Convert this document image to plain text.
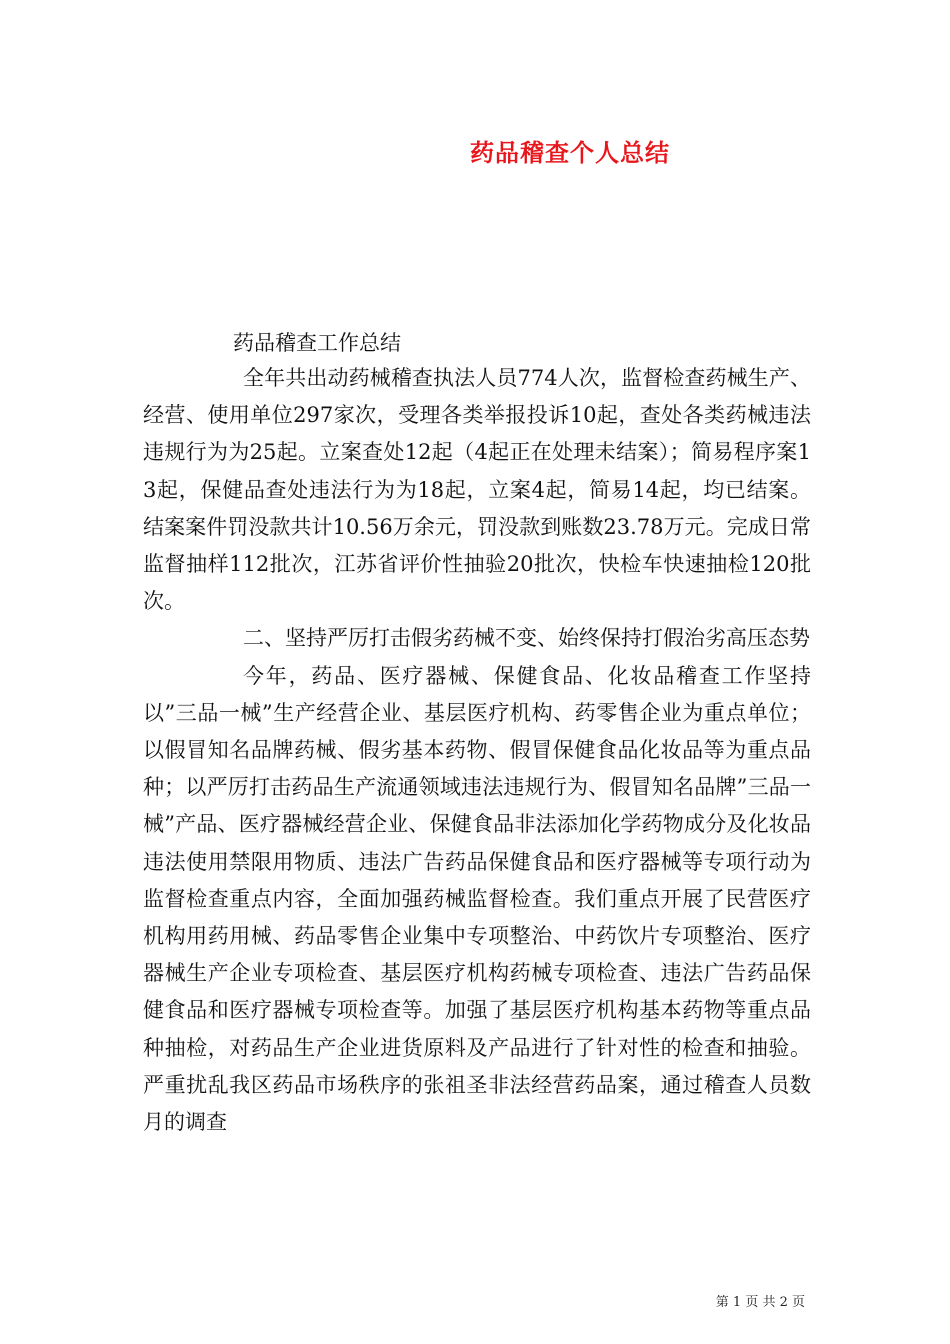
药品稽查个人总结
药品稽查工作总结

全年共出动药械稽查执法人员774人次，监督检查药械生产、经营、使用单位297家次，受理各类举报投诉10起，查处各类药械违法违规行为为25起。立案查处12起（4起正在处理未结案）；简易程序案13起，保健品查处违法行为为18起，立案4起，简易14起，均已结案。结案案件罚没款共计10.56万余元，罚没款到账数23.78万元。完成日常监督抽样112批次，江苏省评价性抽验20批次，快检车快速抽检120批次。

二、坚持严厉打击假劣药械不变、始终保持打假治劣高压态势

今年，药品、医疗器械、保健食品、化妆品稽查工作坚持以”三品一械”生产经营企业、基层医疗机构、药零售企业为重点单位；以假冒知名品牌药械、假劣基本药物、假冒保健食品化妆品等为重点品种；以严厉打击药品生产流通领域违法违规行为、假冒知名品牌”三品一械”产品、医疗器械经营企业、保健食品非法添加化学药物成分及化妆品违法使用禁限用物质、违法广告药品保健食品和医疗器械等专项行动为监督检查重点内容，全面加强药械监督检查。我们重点开展了民营医疗机构用药用械、药品零售企业集中专项整治、中药饮片专项整治、医疗器械生产企业专项检查、基层医疗机构药械专项检查、违法广告药品保健食品和医疗器械专项检查等。加强了基层医疗机构基本药物等重点品种抽检，对药品生产企业进货原料及产品进行了针对性的检查和抽验。严重扰乱我区药品市场秩序的张祖圣非法经营药品案，通过稽查人员数月的调查

第 1 页 共 2 页
